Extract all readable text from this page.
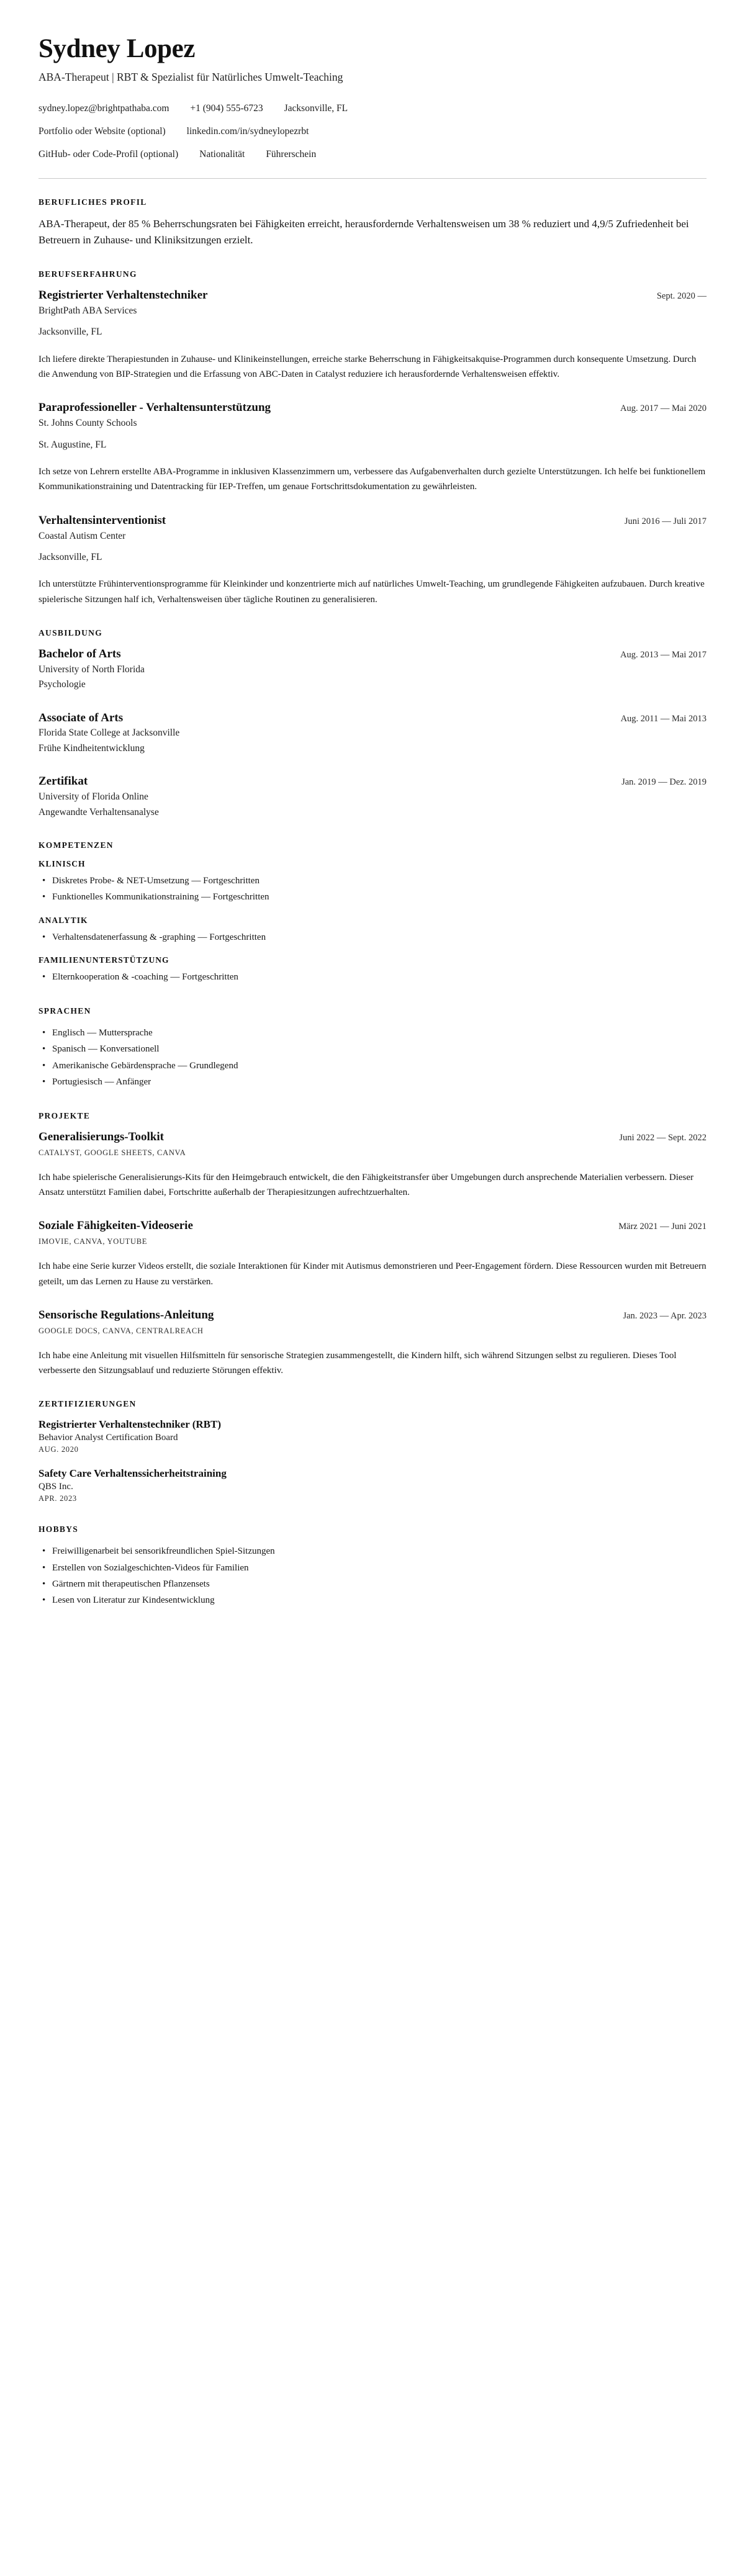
Sydney Lopez
ABA-Therapeut | RBT & Spezialist für Natürliches Umwelt-Teaching
sydney.lopez@brightpathaba.com +1 (904) 555-6723 Jacksonville, FL
Portfolio oder Website (optional) linkedin.com/in/sydneylopezrbt
GitHub- oder Code-Profil (optional) Nationalität Führerschein
BERUFLICHES PROFIL

ABA-Therapeut, der 85 % Beherrschungsraten bei Fähigkeiten erreicht, herausfordernde Verhaltensweisen um 38 % reduziert und 4,9/5 Zufriedenheit bei Betreuern in Zuhause- und Kliniksitzungen erzielt.

BERUFSERFAHRUNG
Registrierter Verhaltenstechniker	Sept. 2020 —
BrightPath ABA Services
Jacksonville, FL

Ich liefere direkte Therapiestunden in Zuhause- und Klinikeinstellungen, erreiche starke Beherrschung in Fähigkeitsakquise-Programmen durch konsequente Umsetzung. Durch die Anwendung von BIP-Strategien und die Erfassung von ABC-Daten in Catalyst reduziere ich herausfordernde Verhaltensweisen effektiv.

Paraprofessioneller - Verhaltensunterstützung	Aug. 2017 — Mai 2020
St. Johns County Schools
St. Augustine, FL

Ich setze von Lehrern erstellte ABA-Programme in inklusiven Klassenzimmern um, verbessere das Aufgabenverhalten durch gezielte Unterstützungen. Ich helfe bei funktionellem Kommunikationstraining und Datentracking für IEP-Treffen, um genaue Fortschrittsdokumentation zu gewährleisten.

Verhaltensinterventionist	Juni 2016 — Juli 2017
Coastal Autism Center
Jacksonville, FL

Ich unterstützte Frühinterventionsprogramme für Kleinkinder und konzentrierte mich auf natürliches Umwelt-Teaching, um grundlegende Fähigkeiten aufzubauen. Durch kreative spielerische Sitzungen half ich, Verhaltensweisen über tägliche Routinen zu generalisieren.

AUSBILDUNG
Bachelor of Arts	Aug. 2013 — Mai 2017
University of North Florida
Psychologie
Associate of Arts	Aug. 2011 — Mai 2013
Florida State College at Jacksonville
Frühe Kindheitentwicklung
Zertifikat	Jan. 2019 — Dez. 2019
University of Florida Online
Angewandte Verhaltensanalyse
KOMPETENZEN
KLINISCH
• Diskretes Probe- & NET-Umsetzung — Fortgeschritten
• Funktionelles Kommunikationstraining — Fortgeschritten
ANALYTIK
• Verhaltensdatenerfassung & -graphing — Fortgeschritten
FAMILIENUNTERSTÜTZUNG
• Elternkooperation & -coaching — Fortgeschritten
SPRACHEN
• Englisch — Muttersprache
• Spanisch — Konversationell
• Amerikanische Gebärdensprache — Grundlegend
• Portugiesisch — Anfänger
PROJEKTE
Generalisierungs-Toolkit	Juni 2022 — Sept. 2022
CATALYST, GOOGLE SHEETS, CANVA

Ich habe spielerische Generalisierungs-Kits für den Heimgebrauch entwickelt, die den Fähigkeitstransfer über Umgebungen durch ansprechende Materialien verbessern. Dieser Ansatz unterstützt Familien dabei, Fortschritte außerhalb der Therapiesitzungen aufrechtzuerhalten.

Soziale Fähigkeiten-Videoserie	März 2021 — Juni 2021
IMOVIE, CANVA, YOUTUBE

Ich habe eine Serie kurzer Videos erstellt, die soziale Interaktionen für Kinder mit Autismus demonstrieren und Peer-Engagement fördern. Diese Ressourcen wurden mit Betreuern geteilt, um das Lernen zu Hause zu verstärken.

Sensorische Regulations-Anleitung	Jan. 2023 — Apr. 2023
GOOGLE DOCS, CANVA, CENTRALREACH

Ich habe eine Anleitung mit visuellen Hilfsmitteln für sensorische Strategien zusammengestellt, die Kindern hilft, sich während Sitzungen selbst zu regulieren. Dieses Tool verbesserte den Sitzungsablauf und reduzierte Störungen effektiv.

ZERTIFIZIERUNGEN
Registrierter Verhaltenstechniker (RBT)
Behavior Analyst Certification Board
AUG. 2020
Safety Care Verhaltenssicherheitstraining
QBS Inc.
APR. 2023
HOBBYS
• Freiwilligenarbeit bei sensorikfreundlichen Spiel-Sitzungen
• Erstellen von Sozialgeschichten-Videos für Familien
• Gärtnern mit therapeutischen Pflanzensets
• Lesen von Literatur zur Kindesentwicklung
